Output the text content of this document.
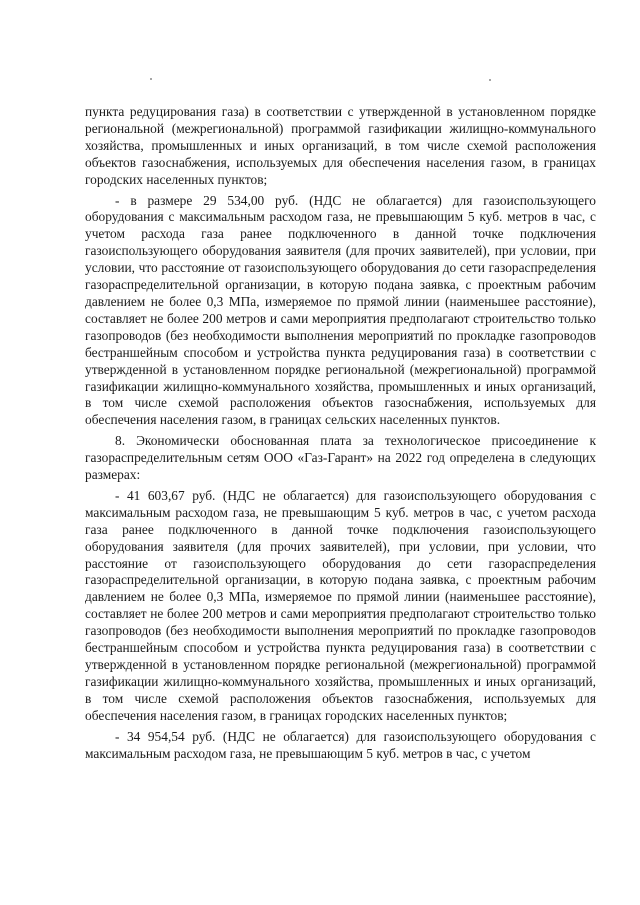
пункта редуцирования газа) в соответствии с утвержденной в установленном порядке региональной (межрегиональной) программой газификации жилищно-коммунального хозяйства, промышленных и иных организаций, в том числе схемой расположения объектов газоснабжения, используемых для обеспечения населения газом, в границах городских населенных пунктов;

- в размере 29 534,00 руб. (НДС не облагается) для газоиспользующего оборудования с максимальным расходом газа, не превышающим 5 куб. метров в час, с учетом расхода газа ранее подключенного в данной точке подключения газоиспользующего оборудования заявителя (для прочих заявителей), при условии, при условии, что расстояние от газоиспользующего оборудования до сети газораспределения газораспределительной организации, в которую подана заявка, с проектным рабочим давлением не более 0,3 МПа, измеряемое по прямой линии (наименьшее расстояние), составляет не более 200 метров и сами мероприятия предполагают строительство только газопроводов (без необходимости выполнения мероприятий по прокладке газопроводов бестраншейным способом и устройства пункта редуцирования газа) в соответствии с утвержденной в установленном порядке региональной (межрегиональной) программой газификации жилищно-коммунального хозяйства, промышленных и иных организаций, в том числе схемой расположения объектов газоснабжения, используемых для обеспечения населения газом, в границах сельских населенных пунктов.

8. Экономически обоснованная плата за технологическое присоединение к газораспределительным сетям ООО «Газ-Гарант» на 2022 год определена в следующих размерах:

- 41 603,67 руб. (НДС не облагается) для газоиспользующего оборудования с максимальным расходом газа, не превышающим 5 куб. метров в час, с учетом расхода газа ранее подключенного в данной точке подключения газоиспользующего оборудования заявителя (для прочих заявителей), при условии, при условии, что расстояние от газоиспользующего оборудования до сети газораспределения газораспределительной организации, в которую подана заявка, с проектным рабочим давлением не более 0,3 МПа, измеряемое по прямой линии (наименьшее расстояние), составляет не более 200 метров и сами мероприятия предполагают строительство только газопроводов (без необходимости выполнения мероприятий по прокладке газопроводов бестраншейным способом и устройства пункта редуцирования газа) в соответствии с утвержденной в установленном порядке региональной (межрегиональной) программой газификации жилищно-коммунального хозяйства, промышленных и иных организаций, в том числе схемой расположения объектов газоснабжения, используемых для обеспечения населения газом, в границах городских населенных пунктов;

- 34 954,54 руб. (НДС не облагается) для газоиспользующего оборудования с максимальным расходом газа, не превышающим 5 куб. метров в час, с учетом
